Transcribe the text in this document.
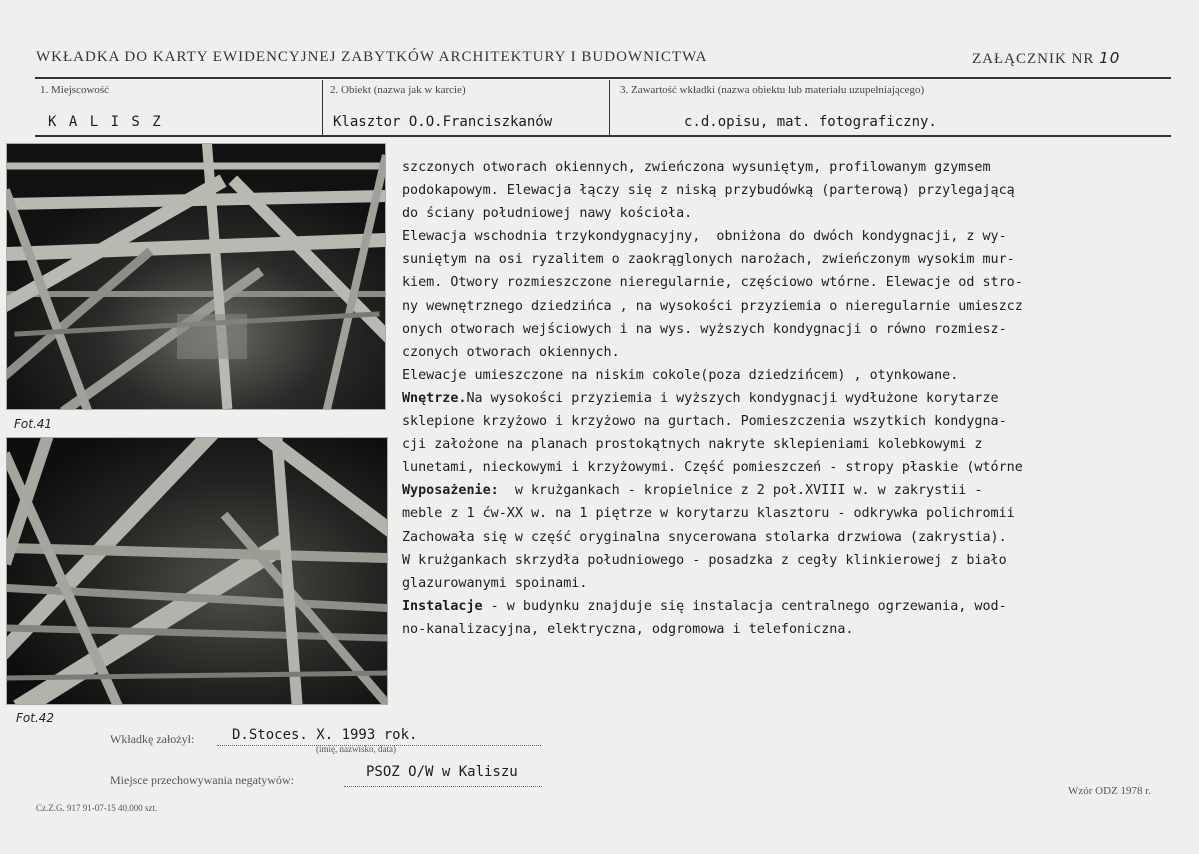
WKŁADKA DO KARTY EWIDENCYJNEJ ZABYTKÓW ARCHITEKTURY I BUDOWNICTWA	ZAŁĄCZNIK NR 10
1. Miejscowość	2. Obiekt (nazwa jak w karcie)	3. Zawartość wkładki (nazwa obiektu lub materiału uzupełniającego)
K A L I S Z	Klasztor O.O.Franciszkanów	c.d.opisu, mat. fotograficzny.
Fot.41
Fot.42
szczonych otworach okiennych, zwieńczona wysuniętym, profilowanym gzymsem
podokapowym. Elewacja łączy się z niską przybudówką (parterową) przylegającą
do ściany południowej nawy kościoła.
Elewacja wschodnia trzykondygnacyjny,  obniżona do dwóch kondygnacji, z wy-
suniętym na osi ryzalitem o zaokrąglonych narożach, zwieńczonym wysokim mur-
kiem. Otwory rozmieszczone nieregularnie, częściowo wtórne. Elewacje od stro-
ny wewnętrznego dziedzińca , na wysokości przyziemia o nieregularnie umieszcz
onych otworach wejściowych i na wys. wyższych kondygnacji o równo rozmiesz-
czonych otworach okiennych.
Elewacje umieszczone na niskim cokole(poza dziedzińcem) , otynkowane.
Wnętrze.Na wysokości przyziemia i wyższych kondygnacji wydłużone korytarze
sklepione krzyżowo i krzyżowo na gurtach. Pomieszczenia wszytkich kondygna-
cji założone na planach prostokątnych nakryte sklepieniami kolebkowymi z
lunetami, nieckowymi i krzyżowymi. Część pomieszczeń - stropy płaskie (wtórne
Wyposażenie:  w krużgankach - kropielnice z 2 poł.XVIII w. w zakrystii -
meble z 1 ćw-XX w. na 1 piętrze w korytarzu klasztoru - odkrywka polichromii
Zachowała się w część oryginalna snycerowana stolarka drzwiowa (zakrystia).
W krużgankach skrzydła południowego - posadzka z cegły klinkierowej z biało
glazurowanymi spoinami.
Instalacje - w budynku znajduje się instalacja centralnego ogrzewania, wod-
no-kanalizacyjna, elektryczna, odgromowa i telefoniczna.
Wkładkę założył:	D.Stoces. X. 1993 rok.
(imię, nazwisko, data)
Miejsce przechowywania negatywów:	PSOZ O/W w Kaliszu
Cz.Z.G. 917 91-07-15 40.000 szt.
Wzór ODZ 1978 r.
